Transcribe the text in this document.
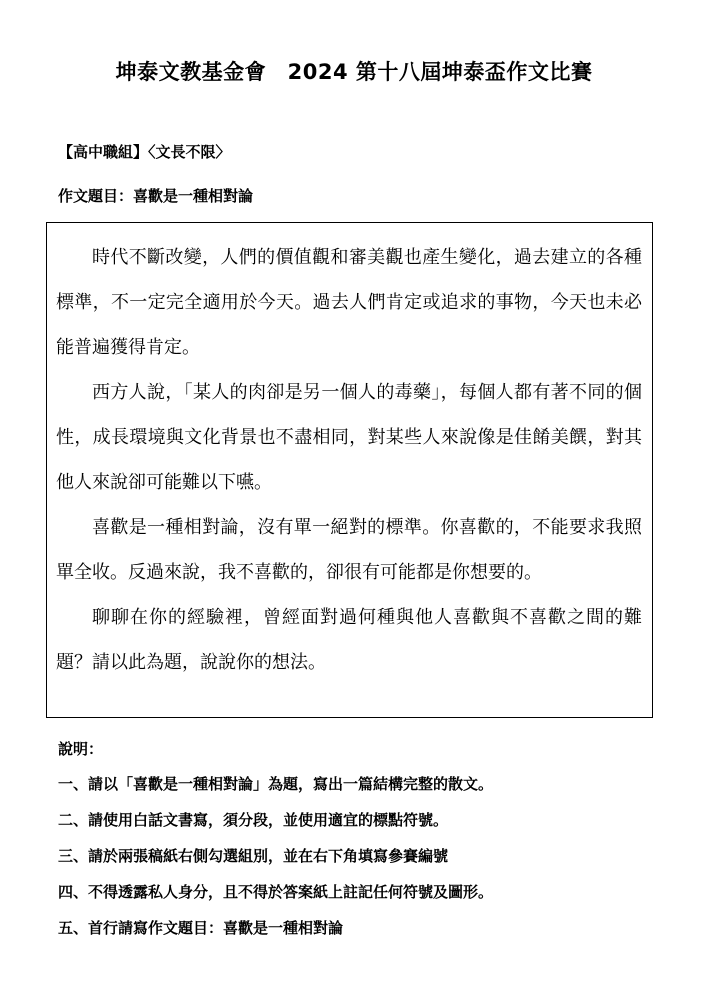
坤泰文教基金會　2024 第十八屆坤泰盃作文比賽
【高中職組】〈文長不限〉
作文題目：喜歡是一種相對論

時代不斷改變，人們的價值觀和審美觀也產生變化，過去建立的各種標準，不一定完全適用於今天。過去人們肯定或追求的事物，今天也未必能普遍獲得肯定。

西方人說，「某人的肉卻是另一個人的毒藥」，每個人都有著不同的個性，成長環境與文化背景也不盡相同，對某些人來說像是佳餚美饌，對其他人來說卻可能難以下嚥。

喜歡是一種相對論，沒有單一絕對的標準。你喜歡的，不能要求我照單全收。反過來說，我不喜歡的，卻很有可能都是你想要的。

聊聊在你的經驗裡，曾經面對過何種與他人喜歡與不喜歡之間的難題？請以此為題，說說你的想法。

說明：
一、請以「喜歡是一種相對論」為題，寫出一篇結構完整的散文。
二、請使用白話文書寫，須分段，並使用適宜的標點符號。
三、請於兩張稿紙右側勾選組別，並在右下角填寫參賽編號
四、不得透露私人身分，且不得於答案紙上註記任何符號及圖形。
五、首行請寫作文題目：喜歡是一種相對論
